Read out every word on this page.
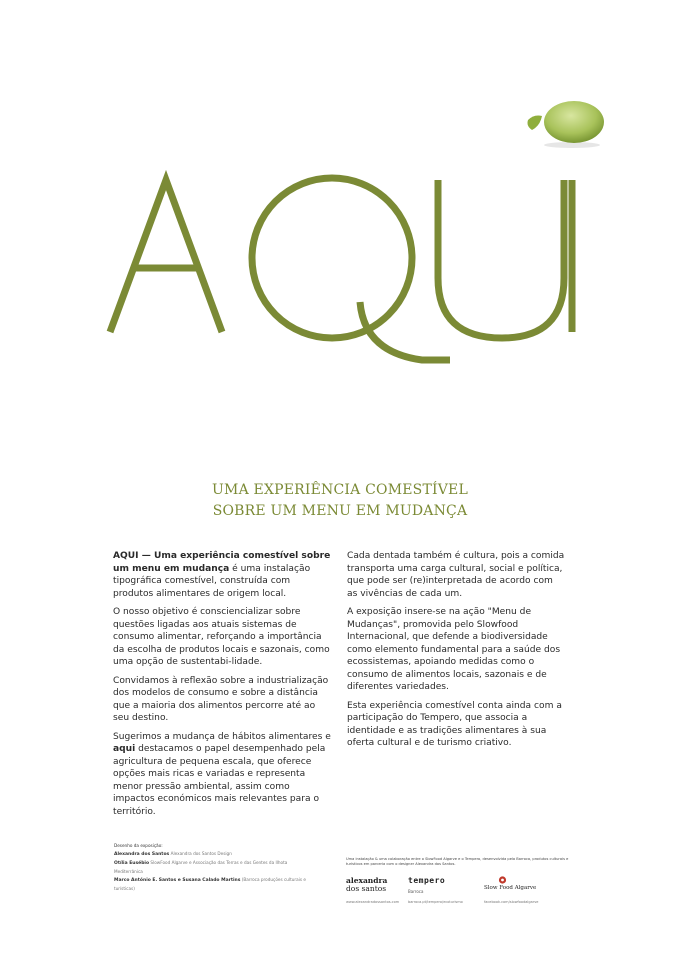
UMA EXPERIÊNCIA COMESTÍVEL
SOBRE UM MENU EM MUDANÇA

AQUI — Uma experiência comestível sobre um menu em mudança é uma instalação tipográfica comestível, construída com produtos alimentares de origem local.

O nosso objetivo é consciencializar sobre questões ligadas aos atuais sistemas de consumo alimentar, reforçando a importância da escolha de produtos locais e sazonais, como uma opção de sustentabi-lidade.

Convidamos à reflexão sobre a industrialização dos modelos de consumo e sobre a distância que a maioria dos alimentos percorre até ao seu destino.

Sugerimos a mudança de hábitos alimentares e aqui destacamos o papel desempenhado pela agricultura de pequena escala, que oferece opções mais ricas e variadas e representa menor pressão ambiental, assim como impactos económicos mais relevantes para o território.

Cada dentada também é cultura, pois a comida transporta uma carga cultural, social e política, que pode ser (re)interpretada de acordo com as vivências de cada um.

A exposição insere-se na ação "Menu de Mudanças", promovida pelo Slowfood Internacional, que defende a biodiversidade como elemento fundamental para a saúde dos ecossistemas, apoiando medidas como o consumo de alimentos locais, sazonais e de diferentes variedades.

Esta experiência comestível conta ainda com a participação do Tempero, que associa a identidade e as tradições alimentares à sua oferta cultural e de turismo criativo.

Desenho da exposição:
Alexandra dos Santos Alexandra dos Santos Design
Otília Eusébio SlowFood Algarve e Associação das Terras e das Gentes da Ilhota Mediterrânica
Marco António E. Santos e Susana Calado Martins (Barroca produções culturais e turísticas)
Uma instalação & uma colaboração entre o SlowFood Algarve e o Tempero, desenvolvida pela Barroca, produtos culturais e turísticos em parceria com o designer Alexandra dos Santos.
alexandra
dos santos
tempero
Barroca
Slow Food Algarve
www.alexandradossantos.com	barroca.pt/tempero/ecoturismo	facebook.com/slowfoodalgarve
